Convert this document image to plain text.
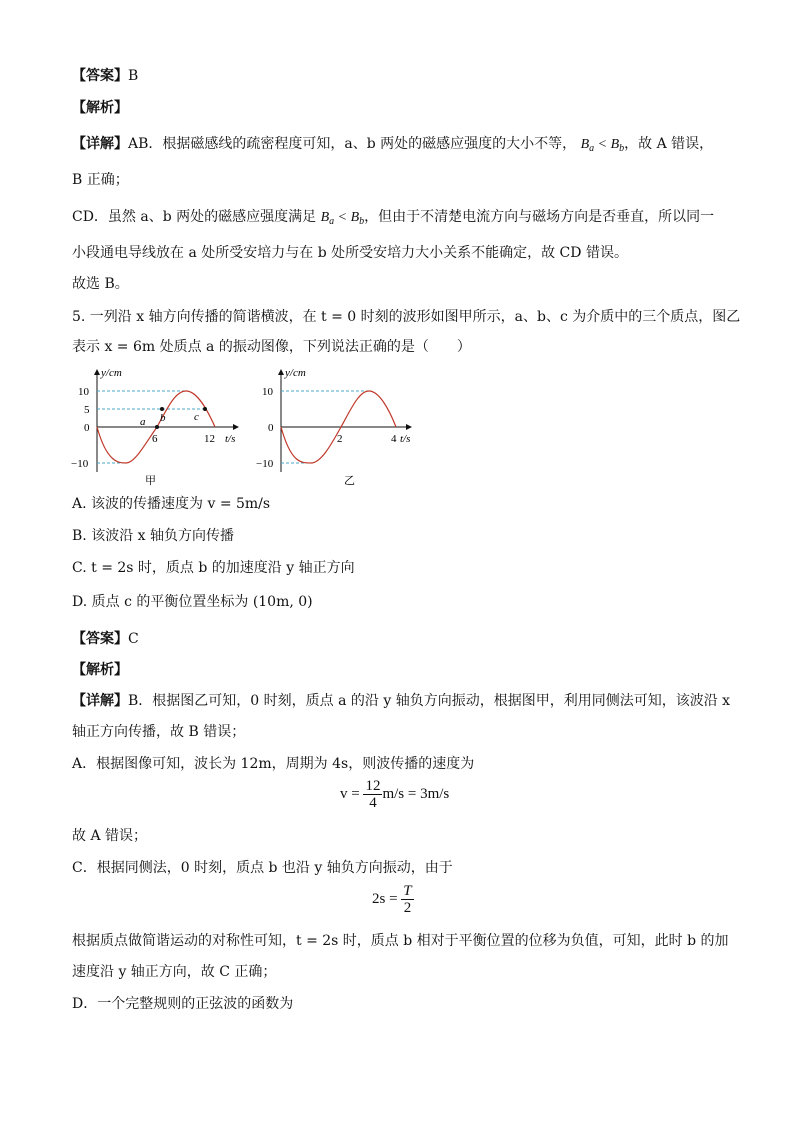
【答案】B
【解析】
【详解】AB．根据磁感线的疏密程度可知，a、b 两处的磁感应强度的大小不等， $B_a < B_b$，故 A 错误，
B 正确；
CD．虽然 a、b 两处的磁感应强度满足 $B_a < B_b$，但由于不清楚电流方向与磁场方向是否垂直，所以同一
小段通电导线放在 a 处所受安培力与在 b 处所受安培力大小关系不能确定，故 CD 错误。
故选 B。
5. 一列沿 x 轴方向传播的简谐横波，在 t = 0 时刻的波形如图甲所示，a、b、c 为介质中的三个质点，图乙
表示 x = 6m 处质点 a 的振动图像，下列说法正确的是（　　）
y/cm
10
5
0
−10
a b	c
6	12 t/s
甲
y/cm
10
0
−10
2	4 t/s
乙
A. 该波的传播速度为 v = 5m/s
B. 该波沿 x 轴负方向传播
C. t = 2s 时，质点 b 的加速度沿 y 轴正方向
D. 质点 c 的平衡位置坐标为 (10m, 0)
【答案】C
【解析】
【详解】B．根据图乙可知，0 时刻，质点 a 的沿 y 轴负方向振动，根据图甲，利用同侧法可知，该波沿 x
轴正方向传播，故 B 错误；
A．根据图像可知，波长为 12m，周期为 4s，则波传播的速度为
$v = \frac{12}{4} m/s = 3m/s$
故 A 错误；
C．根据同侧法，0 时刻，质点 b 也沿 y 轴负方向振动，由于
$2s = \frac{T}{2}$
根据质点做简谐运动的对称性可知，t = 2s 时，质点 b 相对于平衡位置的位移为负值，可知，此时 b 的加
速度沿 y 轴正方向，故 C 正确；
D．一个完整规则的正弦波的函数为
